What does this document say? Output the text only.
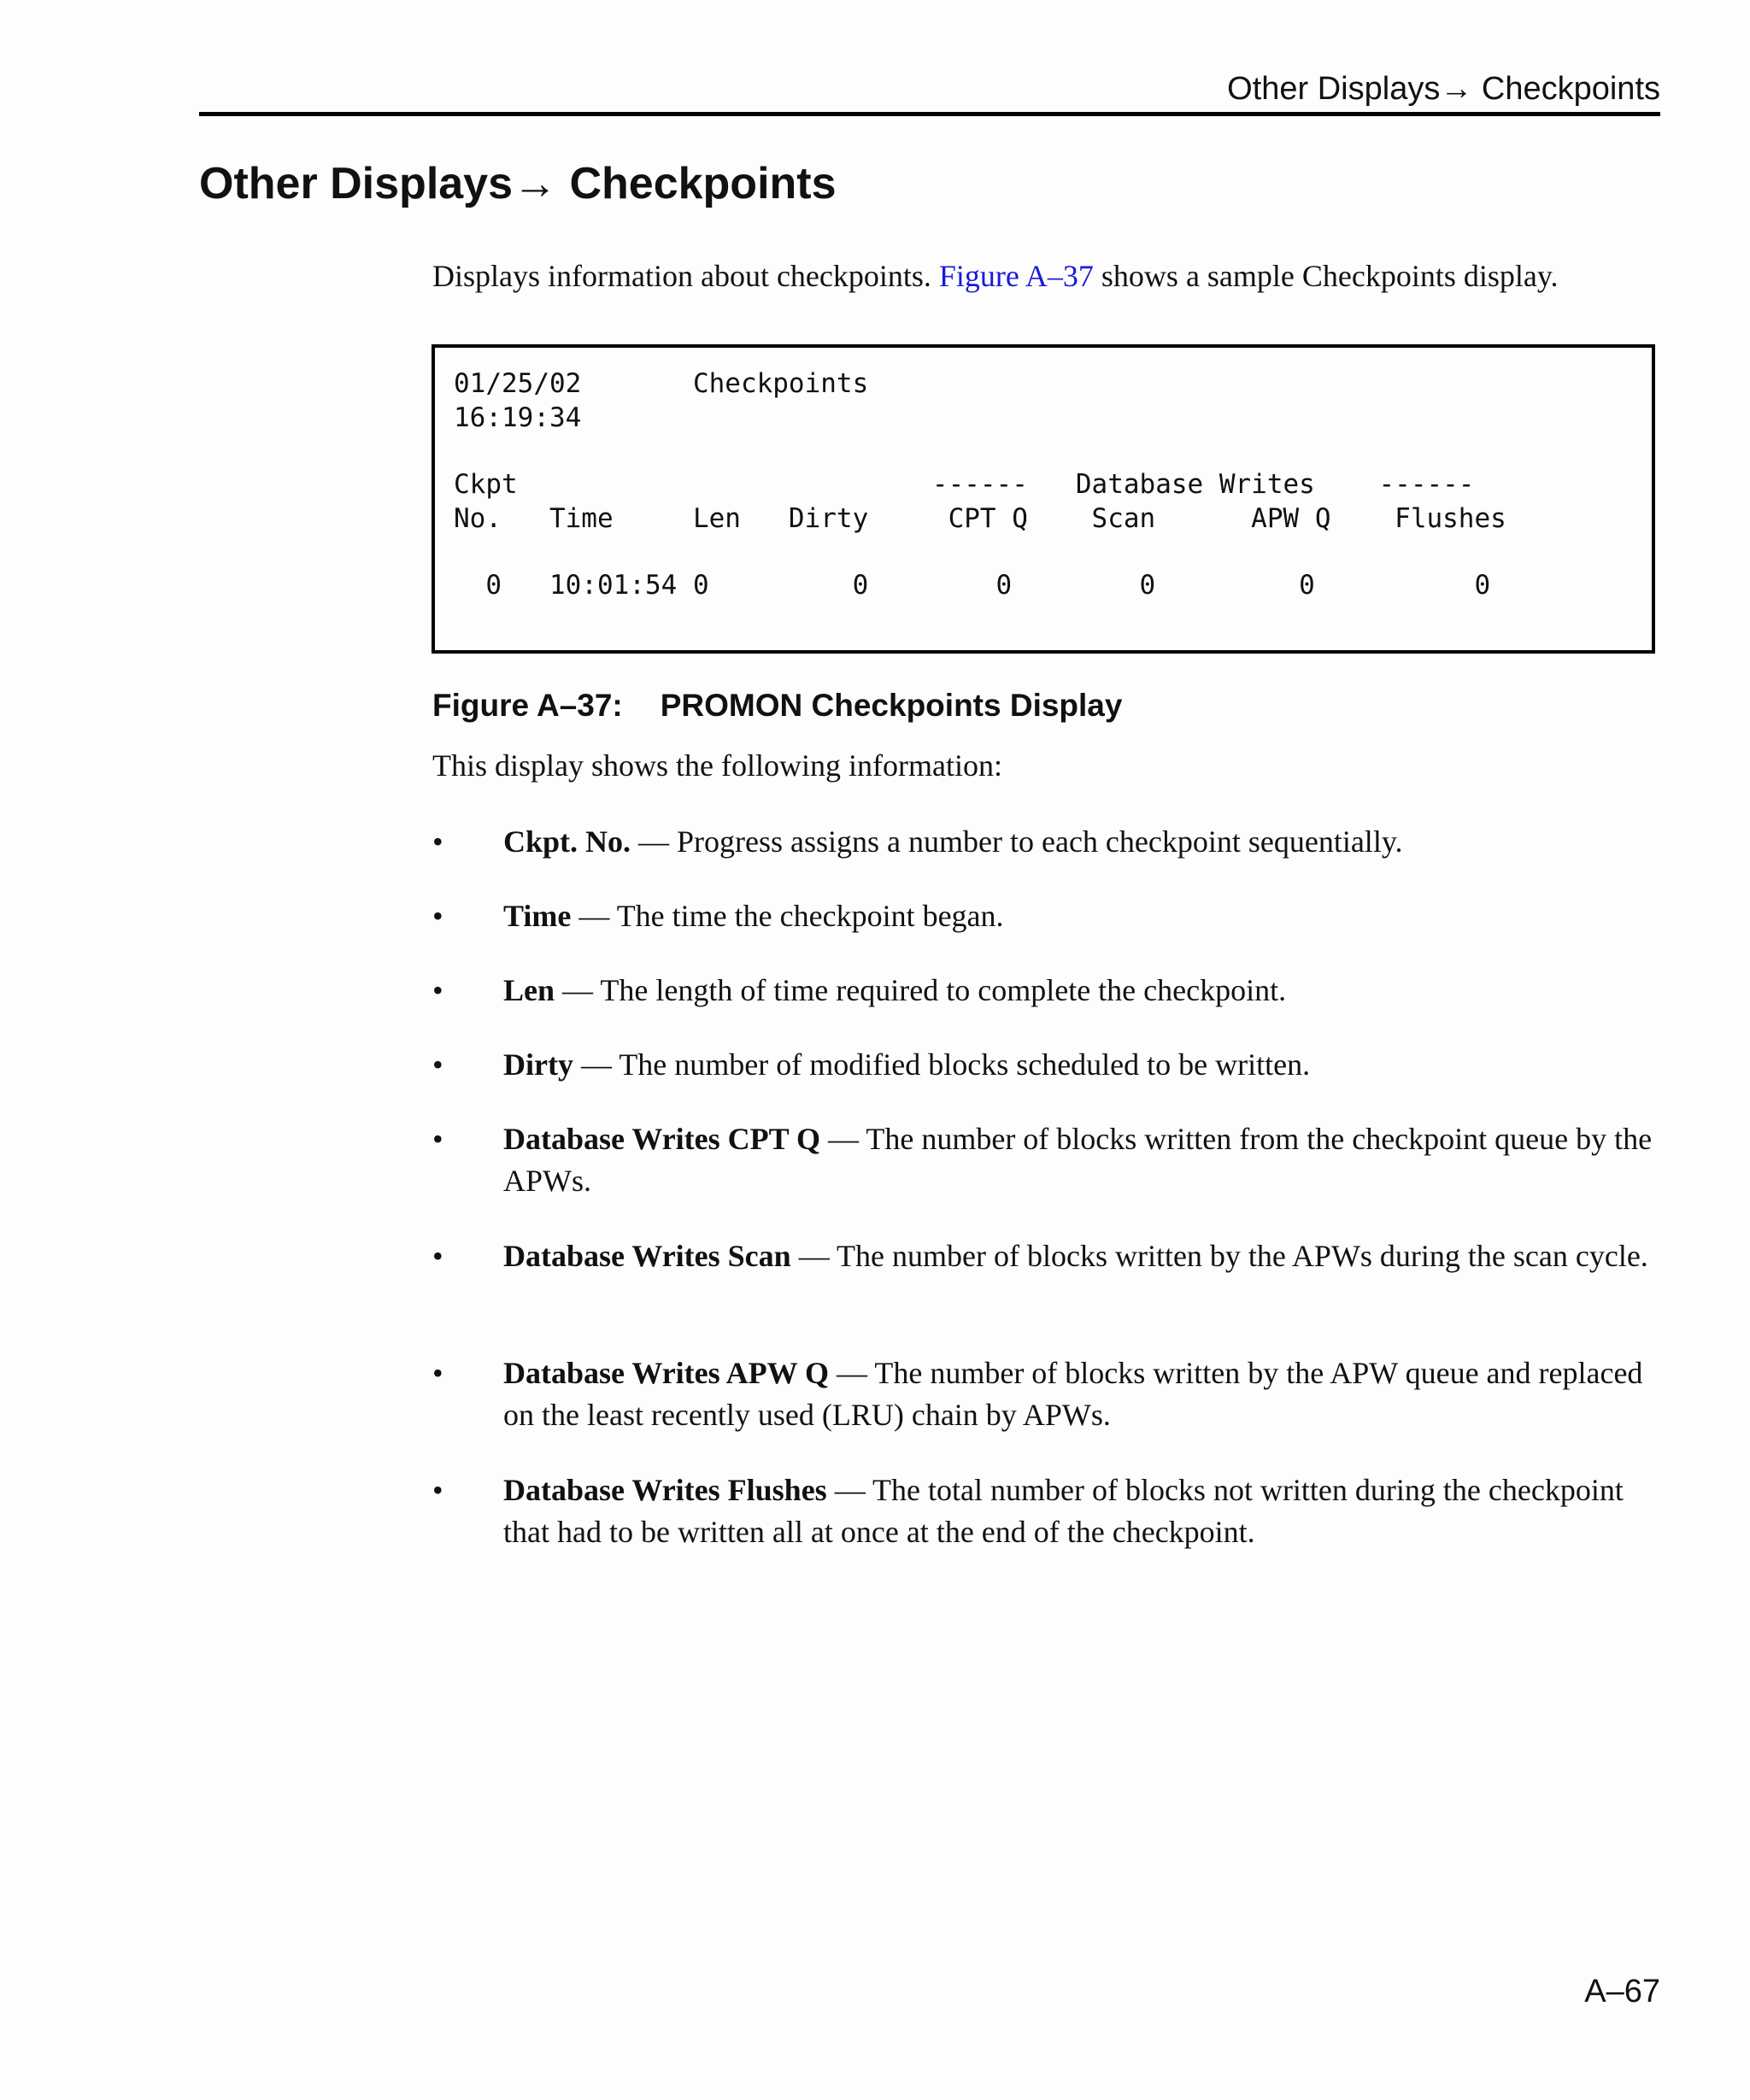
Other Displays→ Checkpoints
Other Displays→ Checkpoints

Displays information about checkpoints. Figure A–37 shows a sample Checkpoints display.

01/25/02       Checkpoints
16:19:34
Ckpt                          ------   Database Writes    ------
No.   Time     Len   Dirty     CPT Q    Scan      APW Q    Flushes
0   10:01:54 0         0        0        0         0          0

Figure A–37: PROMON Checkpoints Display

This display shows the following information:

•	Ckpt. No. — Progress assigns a number to each checkpoint sequentially.
•	Time — The time the checkpoint began.
•	Len — The length of time required to complete the checkpoint.
•	Dirty — The number of modified blocks scheduled to be written.
•	Database Writes CPT Q — The number of blocks written from the checkpoint queue by the APWs.
•	Database Writes Scan — The number of blocks written by the APWs during the scan cycle.
•	Database Writes APW Q — The number of blocks written by the APW queue and replaced on the least recently used (LRU) chain by APWs.
•	Database Writes Flushes — The total number of blocks not written during the checkpoint that had to be written all at once at the end of the checkpoint.
A–67
